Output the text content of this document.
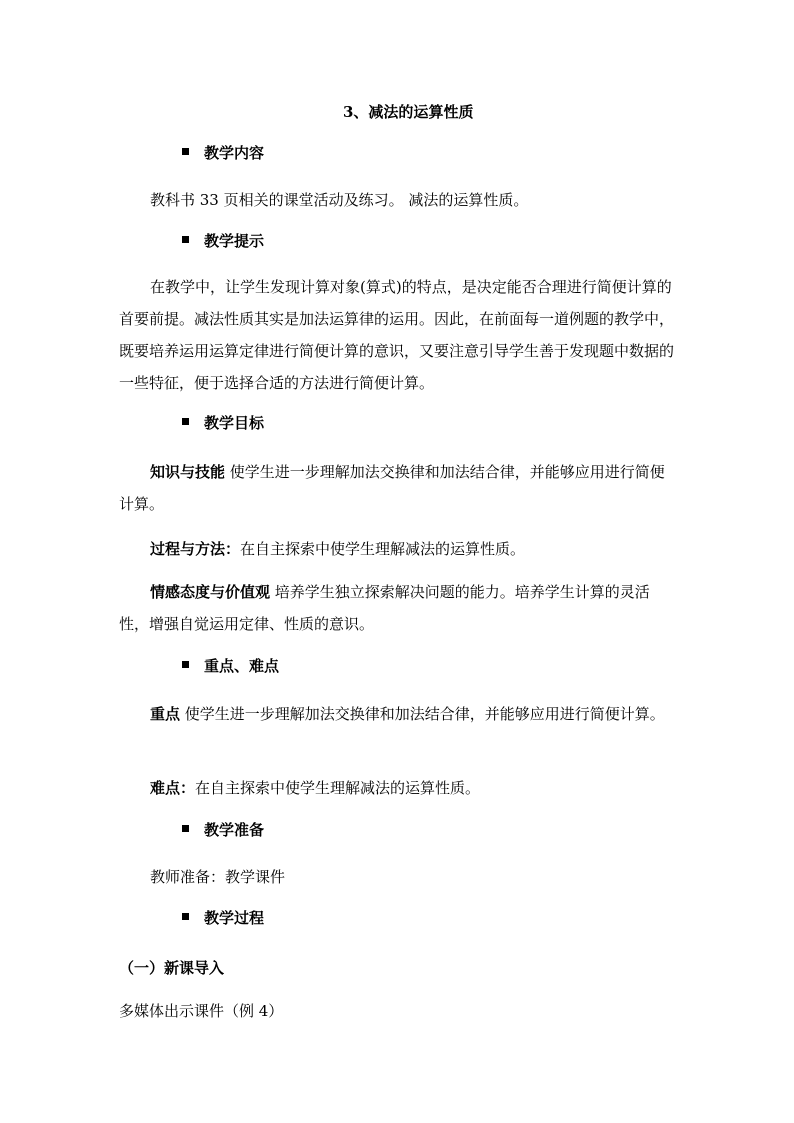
3、减法的运算性质
教学内容
教科书 33 页相关的课堂活动及练习。 减法的运算性质。
教学提示
在教学中，让学生发现计算对象(算式)的特点，是决定能否合理进行简便计算的首要前提。减法性质其实是加法运算律的运用。因此，在前面每一道例题的教学中，既要培养运用运算定律进行简便计算的意识，又要注意引导学生善于发现题中数据的一些特征，便于选择合适的方法进行简便计算。
教学目标
知识与技能 使学生进一步理解加法交换律和加法结合律，并能够应用进行简便计算。
过程与方法：在自主探索中使学生理解减法的运算性质。
情感态度与价值观 培养学生独立探索解决问题的能力。培养学生计算的灵活性，增强自觉运用定律、性质的意识。
重点、难点
重点 使学生进一步理解加法交换律和加法结合律，并能够应用进行简便计算。
难点：在自主探索中使学生理解减法的运算性质。
教学准备
教师准备：教学课件
教学过程
（一）新课导入
多媒体出示课件（例 4）
